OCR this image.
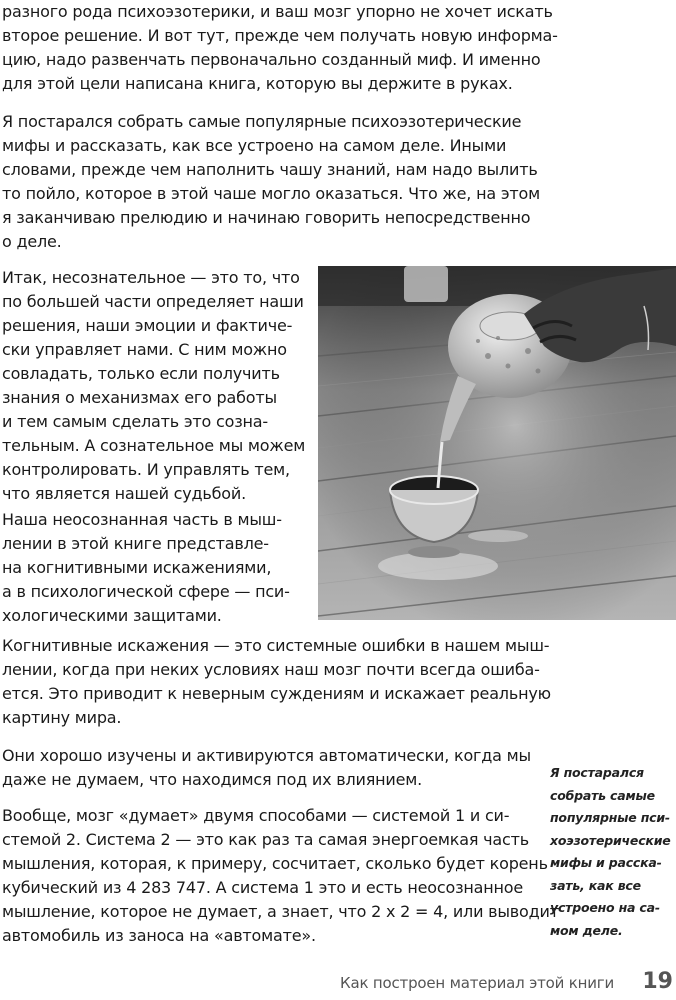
разного рода психоэзотерики, и ваш мозг упорно не хочет искать
второе решение. И вот тут, прежде чем получать новую информа-
цию, надо развенчать первоначально созданный миф. И именно
для этой цели написана книга, которую вы держите в руках.

Я постарался собрать самые популярные психоэзотерические
мифы и рассказать, как все устроено на самом деле. Иными
словами, прежде чем наполнить чашу знаний, нам надо вылить
то пойло, которое в этой чаше могло оказаться. Что же, на этом
я заканчиваю прелюдию и начинаю говорить непосредственно
о деле.

Итак, несознательное — это то, что
по большей части определяет наши
решения, наши эмоции и фактиче-
ски управляет нами. С ним можно
совладать, только если получить
знания о механизмах его работы
и тем самым сделать это созна-
тельным. А сознательное мы можем
контролировать. И управлять тем,
что является нашей судьбой.

Наша неосознанная часть в мыш-
лении в этой книге представле-
на когнитивными искажениями,
а в психологической сфере — пси-
хологическими защитами.

Когнитивные искажения — это системные ошибки в нашем мыш-
лении, когда при неких условиях наш мозг почти всегда ошиба-
ется. Это приводит к неверным суждениям и искажает реальную
картину мира.

Они хорошо изучены и активируются автоматически, когда мы
даже не думаем, что находимся под их влиянием.

Вообще, мозг «думает» двумя способами — системой 1 и си-
стемой 2. Система 2 — это как раз та самая энергоемкая часть
мышления, которая, к примеру, сосчитает, сколько будет корень
кубический из 4 283 747. А система 1 это и есть неосознанное
мышление, которое не думает, а знает, что 2 х 2 = 4, или выводит
автомобиль из заноса на «автомате».

Я постарался
собрать самые
популярные пси-
хоэзотерические
мифы и расска-
зать, как все
устроено на са-
мом деле.

Как построен материал этой книги 19
